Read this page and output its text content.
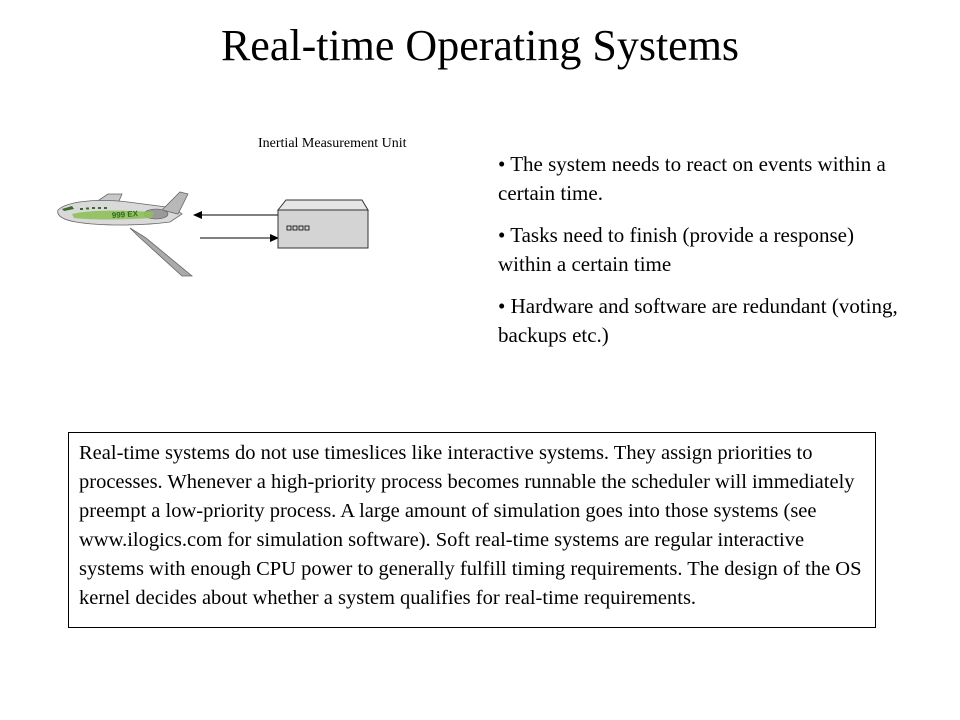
Real-time Operating Systems
Inertial Measurement Unit
999 EX

• The system needs to react on events within a certain time.

• Tasks need to finish (provide a response) within a certain time

• Hardware and software are redundant (voting, backups etc.)

Real-time systems do not use timeslices like interactive systems. They assign priorities to processes. Whenever a high-priority process becomes runnable the scheduler will immediately preempt a low-priority process. A large amount of simulation goes into those systems (see www.ilogics.com for simulation software). Soft real-time systems are regular interactive systems with enough CPU power to generally fulfill timing requirements. The design of the OS kernel decides about whether a system qualifies for real-time requirements.
